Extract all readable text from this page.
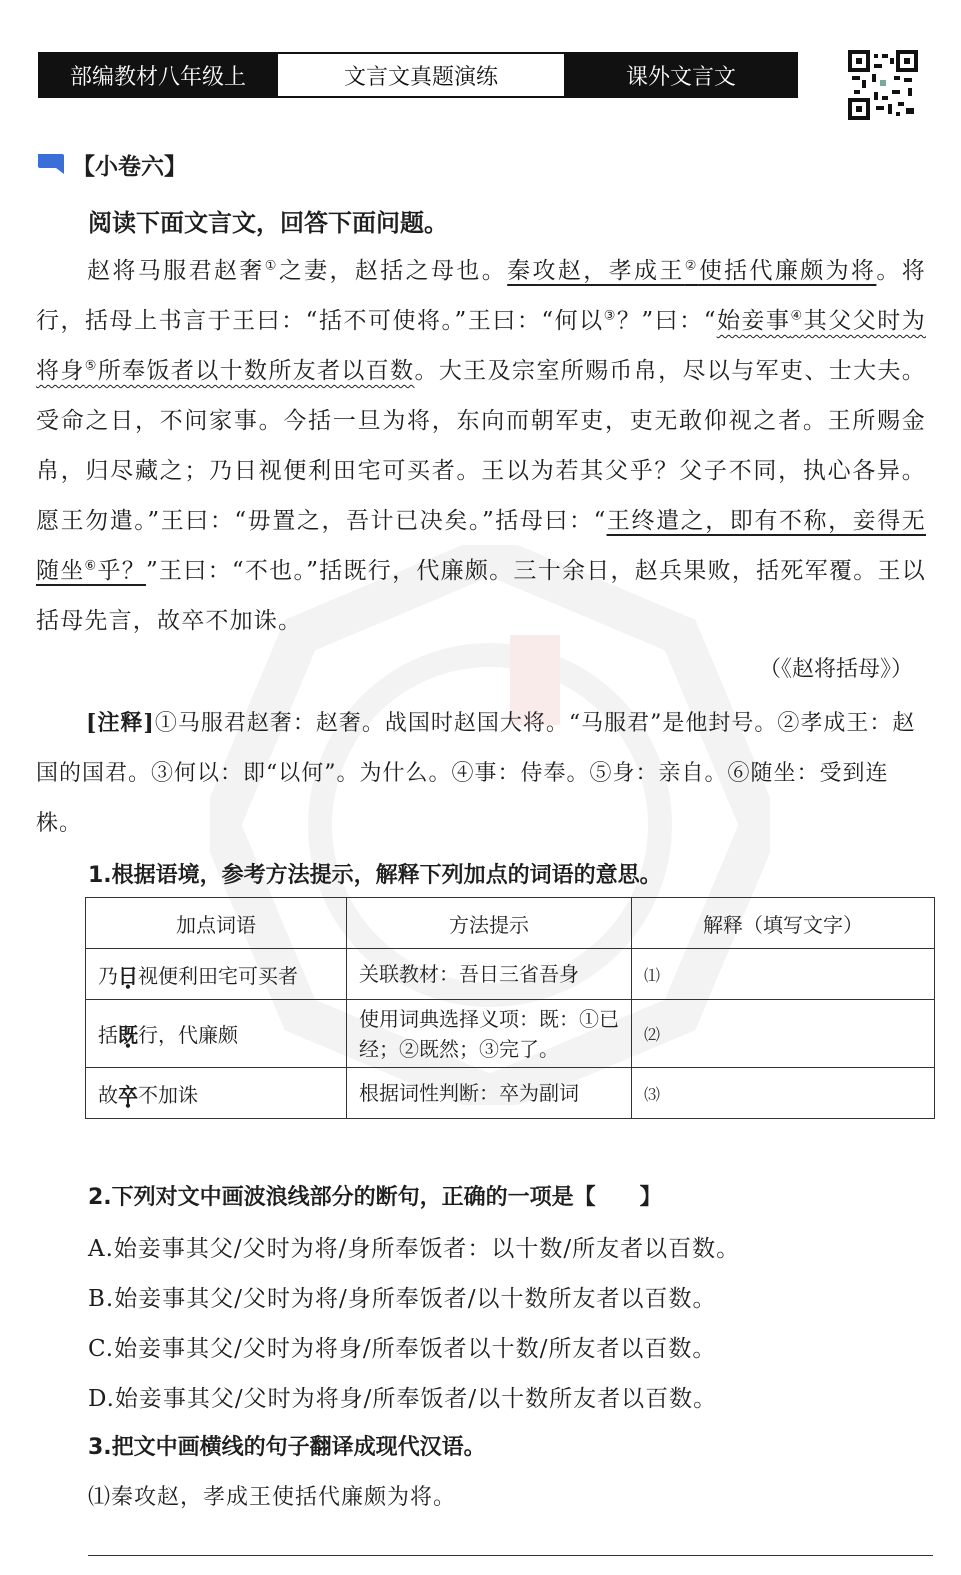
部编教材八年级上	文言文真题演练	课外文言文
【小卷六】
阅读下面文言文，回答下面问题。
赵将马服君赵奢①之妻，赵括之母也。秦攻赵，孝成王②使括代廉颇为将。将行，括母上书言于王曰：“括不可使将。”王曰：“何以③？”曰：“始妾事④其父父时为将身⑤所奉饭者以十数所友者以百数。大王及宗室所赐币帛，尽以与军吏、士大夫。受命之日，不问家事。今括一旦为将，东向而朝军吏，吏无敢仰视之者。王所赐金帛，归尽藏之；乃日视便利田宅可买者。王以为若其父乎？父子不同，执心各异。愿王勿遣。”王曰：“毋置之，吾计已决矣。”括母曰：“王终遣之，即有不称，妾得无随坐⑥乎？”王曰：“不也。”括既行，代廉颇。三十余日，赵兵果败，括死军覆。王以括母先言，故卒不加诛。
（《赵将括母》）
[注释]①马服君赵奢：赵奢。战国时赵国大将。“马服君”是他封号。②孝成王：赵国的国君。③何以：即“以何”。为什么。④事：侍奉。⑤身：亲自。⑥随坐：受到连株。
1.根据语境，参考方法提示，解释下列加点的词语的意思。
加点词语	方法提示	解释（填写文字）
乃日视便利田宅可买者	关联教材：吾日三省吾身	⑴
括既行，代廉颇	使用词典选择义项：既：①已经；②既然；③完了。	⑵
故卒不加诛	根据词性判断：卒为副词	⑶
2.下列对文中画波浪线部分的断句，正确的一项是【　　】
A.始妾事其父/父时为将/身所奉饭者：以十数/所友者以百数。
B.始妾事其父/父时为将/身所奉饭者/以十数所友者以百数。
C.始妾事其父/父时为将身/所奉饭者以十数/所友者以百数。
D.始妾事其父/父时为将身/所奉饭者/以十数所友者以百数。
3.把文中画横线的句子翻译成现代汉语。
⑴秦攻赵，孝成王使括代廉颇为将。
